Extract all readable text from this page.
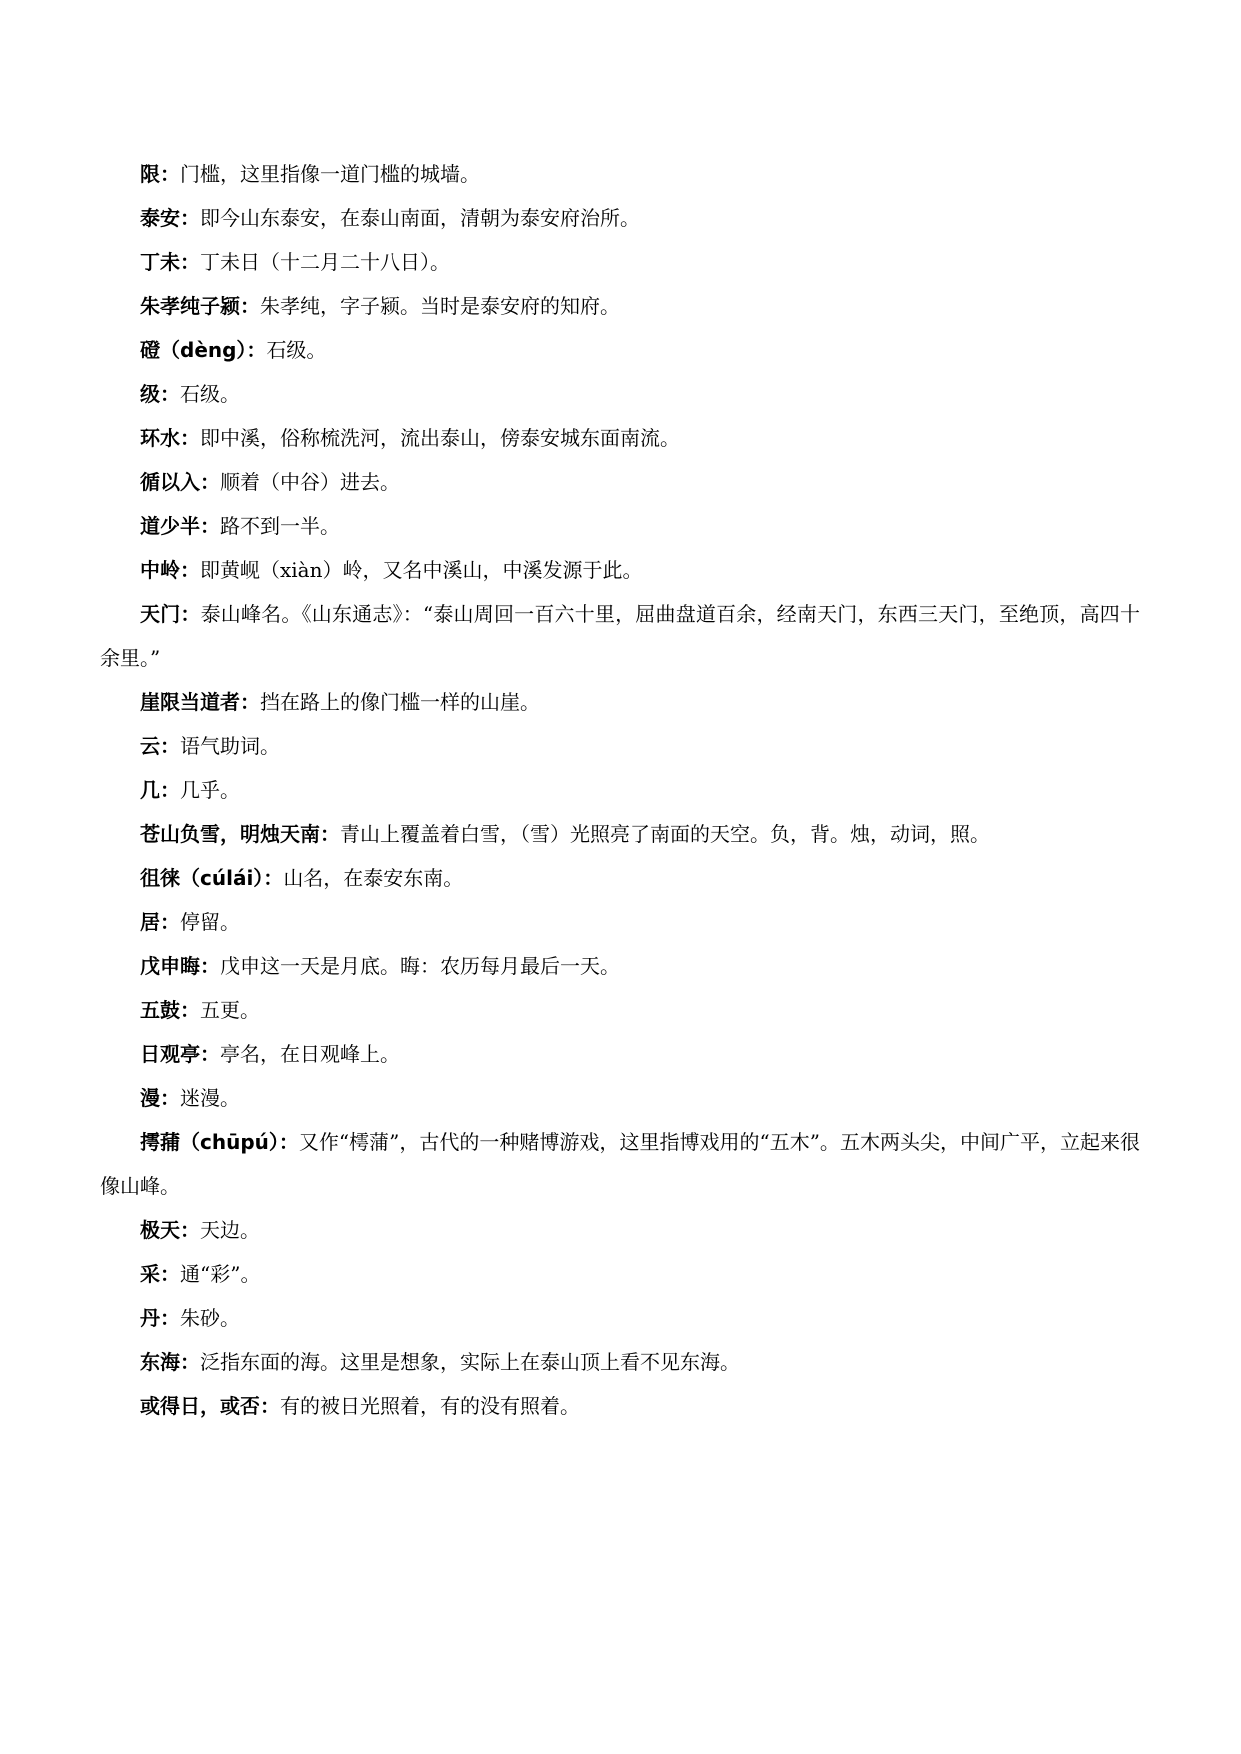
限：门槛，这里指像一道门槛的城墙。

泰安：即今山东泰安，在泰山南面，清朝为泰安府治所。

丁未：丁未日（十二月二十八日）。

朱孝纯子颍：朱孝纯，字子颍。当时是泰安府的知府。

磴（dèng）：石级。

级：石级。

环水：即中溪，俗称梳洗河，流出泰山，傍泰安城东面南流。

循以入：顺着（中谷）进去。

道少半：路不到一半。

中岭：即黄岘（xiàn）岭，又名中溪山，中溪发源于此。

天门：泰山峰名。《山东通志》：“泰山周回一百六十里，屈曲盘道百余，经南天门，东西三天门，至绝顶，高四十余里。”

崖限当道者：挡在路上的像门槛一样的山崖。

云：语气助词。

几：几乎。

苍山负雪，明烛天南：青山上覆盖着白雪，（雪）光照亮了南面的天空。负，背。烛，动词，照。

徂徕（cúlái）：山名，在泰安东南。

居：停留。

戊申晦：戊申这一天是月底。晦：农历每月最后一天。

五鼓：五更。

日观亭：亭名，在日观峰上。

漫：迷漫。

摴蒱（chūpú）：又作“樗蒲”，古代的一种赌博游戏，这里指博戏用的“五木”。五木两头尖，中间广平，立起来很像山峰。

极天：天边。

采：通“彩”。

丹：朱砂。

东海：泛指东面的海。这里是想象，实际上在泰山顶上看不见东海。

或得日，或否：有的被日光照着，有的没有照着。
